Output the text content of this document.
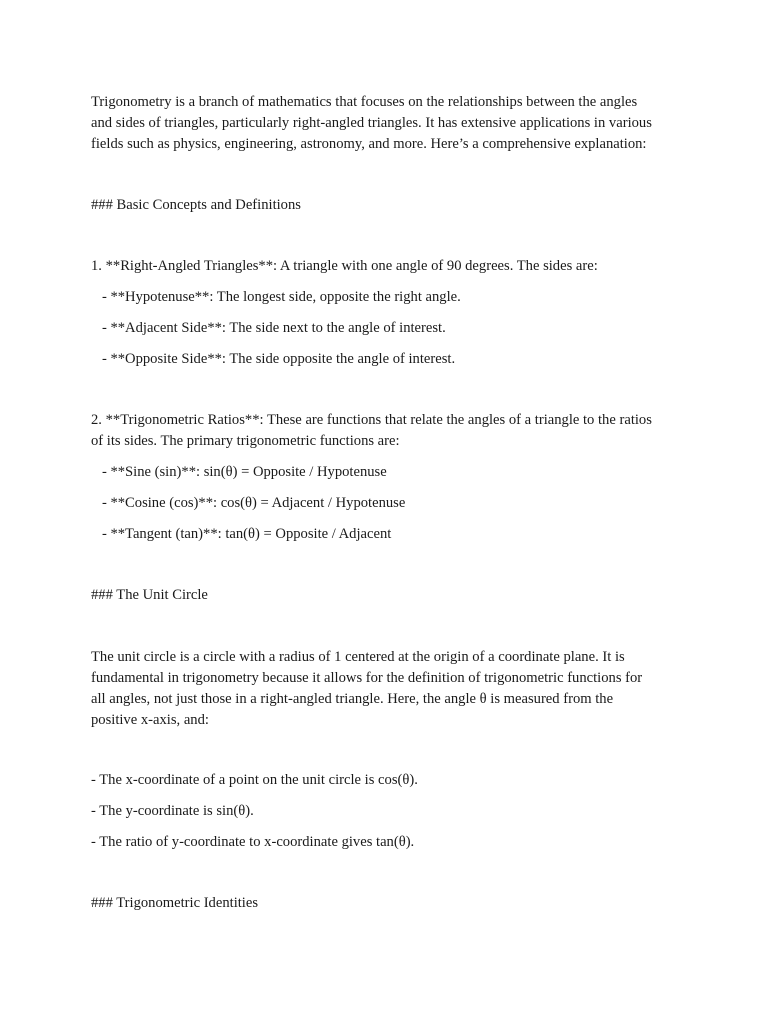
Trigonometry is a branch of mathematics that focuses on the relationships between the angles

and sides of triangles, particularly right-angled triangles. It has extensive applications in various

fields such as physics, engineering, astronomy, and more. Here’s a comprehensive explanation:

### Basic Concepts and Definitions

1. **Right-Angled Triangles**: A triangle with one angle of 90 degrees. The sides are:

- **Hypotenuse**: The longest side, opposite the right angle.

- **Adjacent Side**: The side next to the angle of interest.

- **Opposite Side**: The side opposite the angle of interest.

2. **Trigonometric Ratios**: These are functions that relate the angles of a triangle to the ratios

of its sides. The primary trigonometric functions are:

- **Sine (sin)**: sin(θ) = Opposite / Hypotenuse

- **Cosine (cos)**: cos(θ) = Adjacent / Hypotenuse

- **Tangent (tan)**: tan(θ) = Opposite / Adjacent

### The Unit Circle

The unit circle is a circle with a radius of 1 centered at the origin of a coordinate plane. It is

fundamental in trigonometry because it allows for the definition of trigonometric functions for

all angles, not just those in a right-angled triangle. Here, the angle θ is measured from the

positive x-axis, and:

- The x-coordinate of a point on the unit circle is cos(θ).

- The y-coordinate is sin(θ).

- The ratio of y-coordinate to x-coordinate gives tan(θ).

### Trigonometric Identities
